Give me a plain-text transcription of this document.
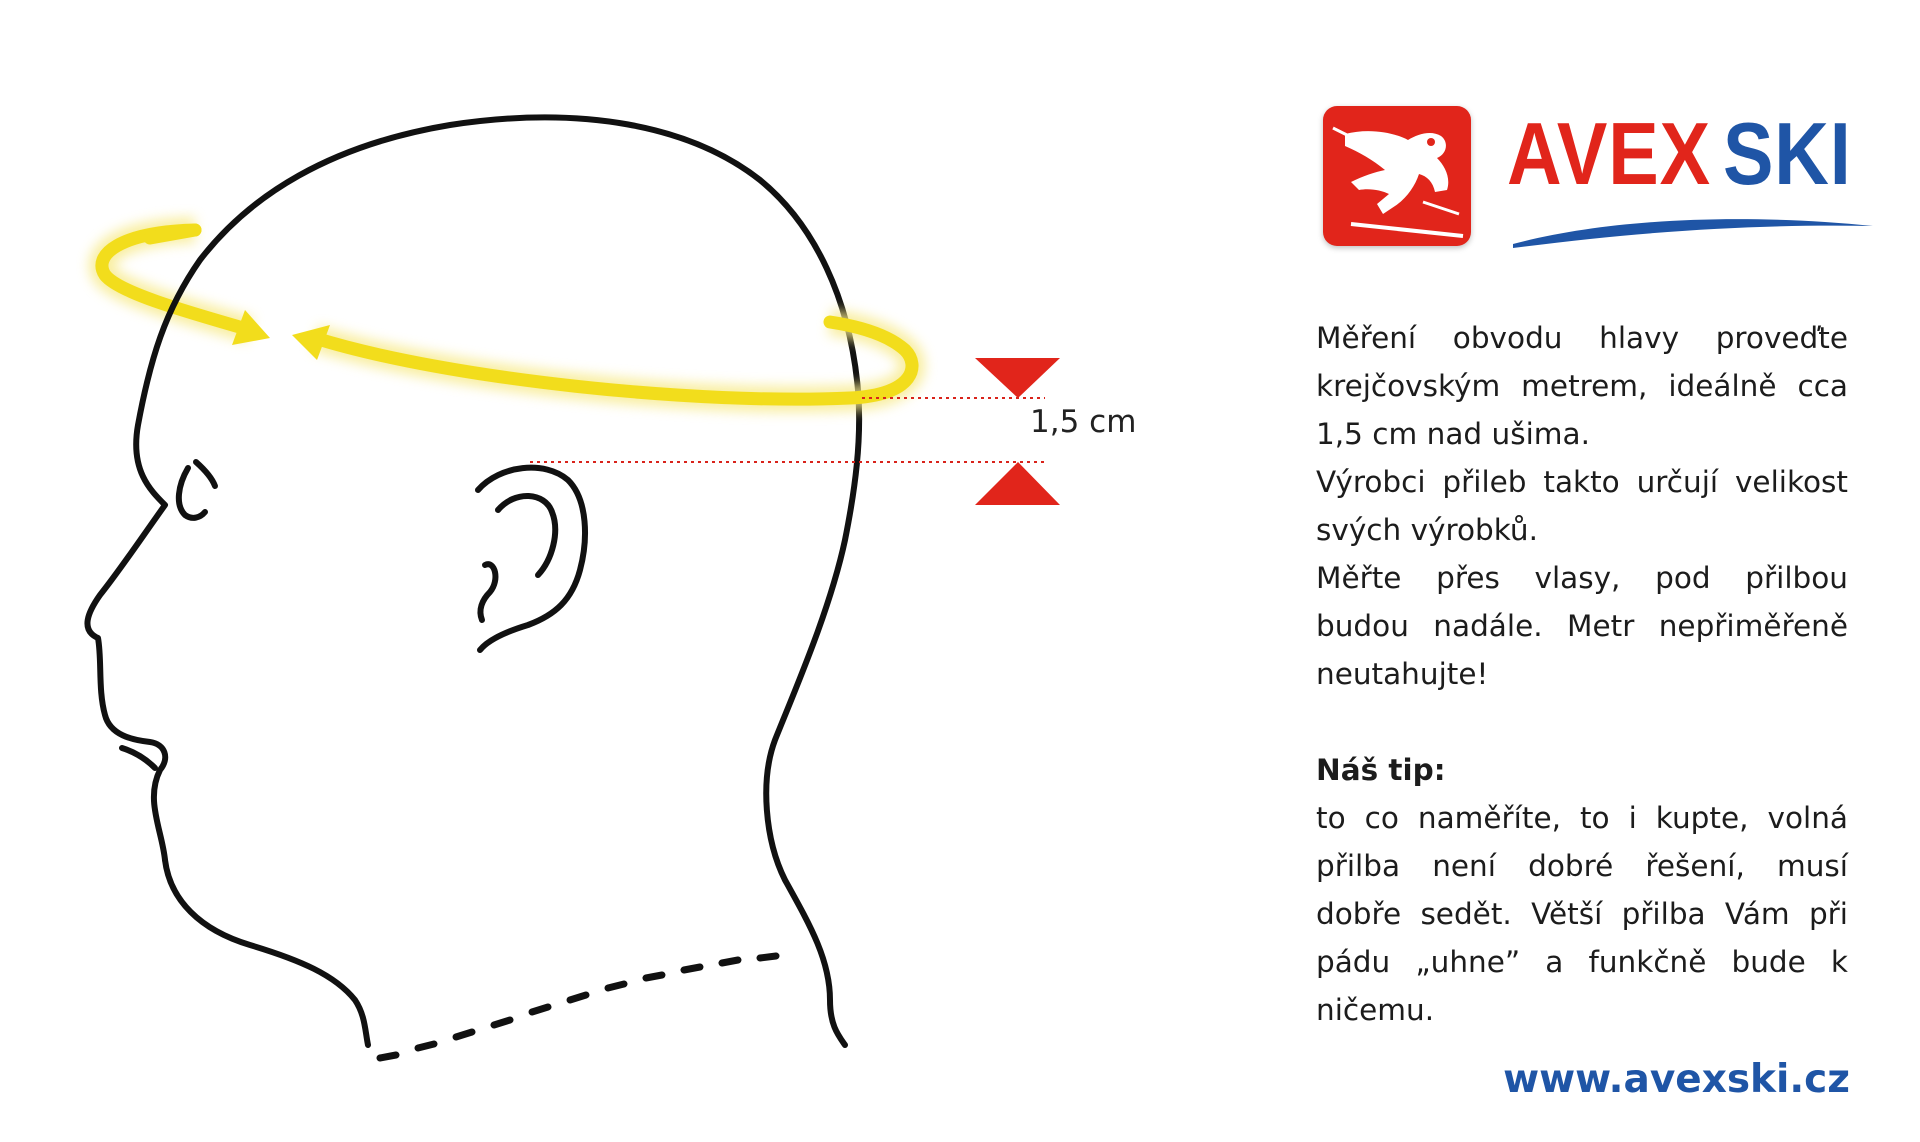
1,5 cm
AVEX SKI

Měření obvodu hlavy proveďte krejčovským metrem, ideálně cca 1,5 cm nad ušima.

Výrobci přileb takto určují velikost svých výrobků.

Měřte přes vlasy, pod přilbou budou nadále. Metr nepřiměřeně neutahujte!

Náš tip:

to co naměříte, to i kupte, volná přilba není dobré řešení, musí dobře sedět. Větší přilba Vám při pádu „uhne” a funkčně bude k ničemu.

www.avexski.cz
